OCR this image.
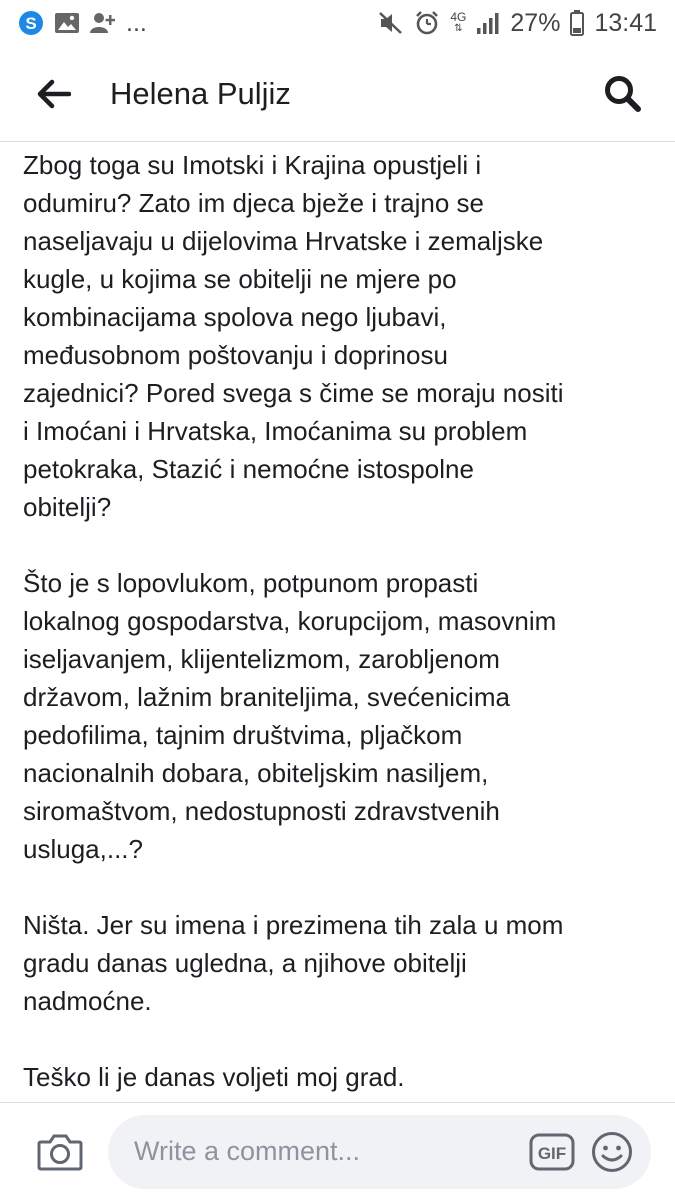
S	...	4G
⇅ 27% 13:41
Helena Puljiz

Zbog toga su Imotski i Krajina opustjeli i
odumiru? Zato im djeca bježe i trajno se
naseljavaju u dijelovima Hrvatske i zemaljske
kugle, u kojima se obitelji ne mjere po
kombinacijama spolova nego ljubavi,
međusobnom poštovanju i doprinosu
zajednici? Pored svega s čime se moraju nositi
i Imoćani i Hrvatska, Imoćanima su problem
petokraka, Stazić i nemoćne istospolne
obitelji?

Što je s lopovlukom, potpunom propasti
lokalnog gospodarstva, korupcijom, masovnim
iseljavanjem, klijentelizmom, zarobljenom
državom, lažnim braniteljima, svećenicima
pedofilima, tajnim društvima, pljačkom
nacionalnih dobara, obiteljskim nasiljem,
siromaštvom, nedostupnosti zdravstvenih
usluga,...?

Ništa. Jer su imena i prezimena tih zala u mom
gradu danas ugledna, a njihove obitelji
nadmoćne.

Teško li je danas voljeti moj grad.

Write a comment...
GIF
